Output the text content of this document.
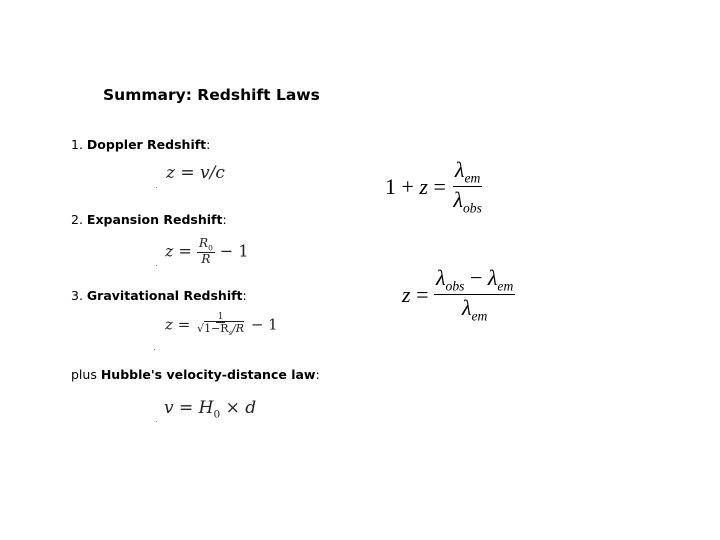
Summary: Redshift Laws
1. Doppler Redshift:
z = v/c
2. Expansion Redshift:
$z = \frac{R_0}{R} - 1$
3. Gravitational Redshift:
$z = \frac{1}{√1-R_s/R} - 1$
plus Hubble's velocity-distance law:
$v = H_0 \times d$
$1 + z = \frac{\lambda_{em}}{\lambda_{obs}}$
$z = \frac{\lambda_{obs} - \lambda_{em}}{\lambda_{em}}$
